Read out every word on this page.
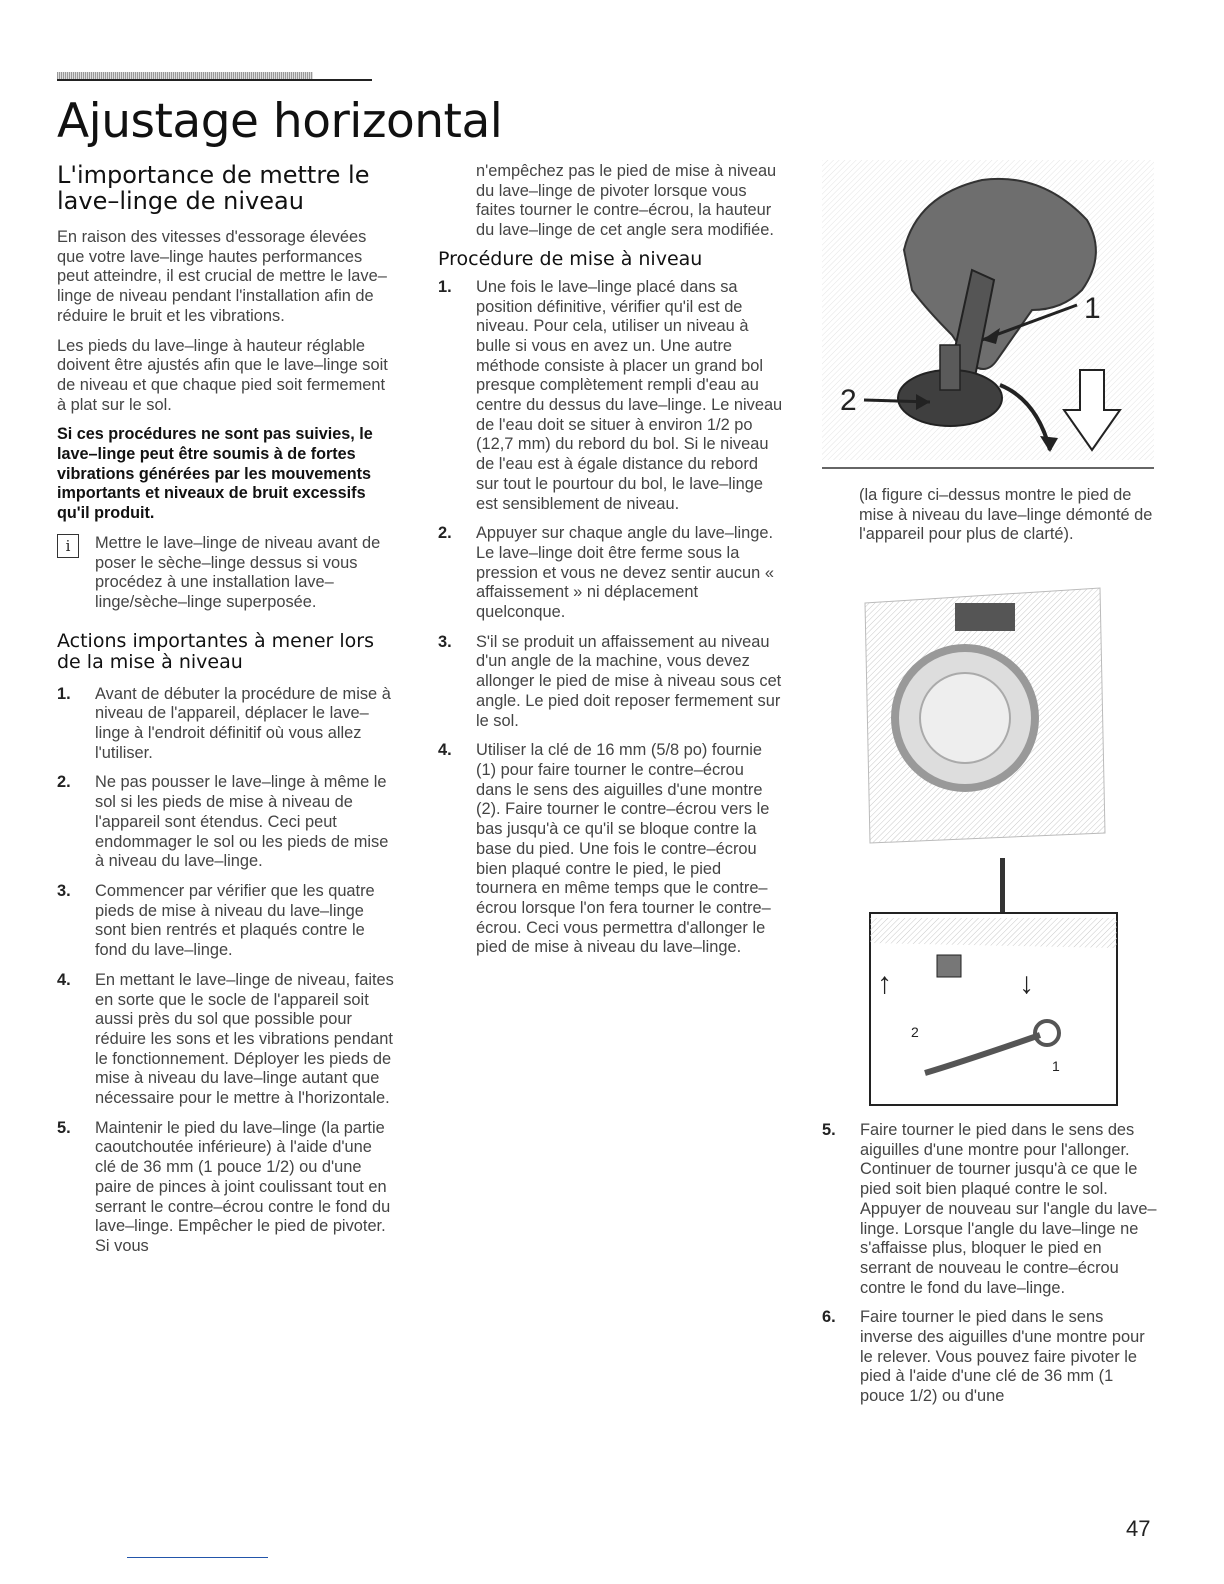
Ajustage horizontal
L'importance de mettre le lave–linge de niveau

En raison des vitesses d'essorage élevées que votre lave–linge hautes performances peut atteindre, il est crucial de mettre le lave–linge de niveau pendant l'installation afin de réduire le bruit et les vibrations.

Les pieds du lave–linge à hauteur réglable doivent être ajustés afin que le lave–linge soit de niveau et que chaque pied soit fermement à plat sur le sol.

Si ces procédures ne sont pas suivies, le lave–linge peut être soumis à de fortes vibrations générées par les mouvements importants et niveaux de bruit excessifs qu'il produit.

i	Mettre le lave–linge de niveau avant de poser le sèche–linge dessus si vous procédez à une installation lave–linge/sèche–linge superposée.
Actions importantes à mener lors de la mise à niveau
1. Avant de débuter la procédure de mise à niveau de l'appareil, déplacer le lave–linge à l'endroit définitif où vous allez l'utiliser.
2. Ne pas pousser le lave–linge à même le sol si les pieds de mise à niveau de l'appareil sont étendus. Ceci peut endommager le sol ou les pieds de mise à niveau du lave–linge.
3. Commencer par vérifier que les quatre pieds de mise à niveau du lave–linge sont bien rentrés et plaqués contre le fond du lave–linge.
4. En mettant le lave–linge de niveau, faites en sorte que le socle de l'appareil soit aussi près du sol que possible pour réduire les sons et les vibrations pendant le fonctionnement. Déployer les pieds de mise à niveau du lave–linge autant que nécessaire pour le mettre à l'horizontale.
5. Maintenir le pied du lave–linge (la partie caoutchoutée inférieure) à l'aide d'une clé de 36 mm (1 pouce 1/2) ou d'une paire de pinces à joint coulissant tout en serrant le contre–écrou contre le fond du lave–linge. Empêcher le pied de pivoter. Si vous

n'empêchez pas le pied de mise à niveau du lave–linge de pivoter lorsque vous faites tourner le contre–écrou, la hauteur du lave–linge de cet angle sera modifiée.

Procédure de mise à niveau
1. Une fois le lave–linge placé dans sa position définitive, vérifier qu'il est de niveau. Pour cela, utiliser un niveau à bulle si vous en avez un. Une autre méthode consiste à placer un grand bol presque complètement rempli d'eau au centre du dessus du lave–linge. Le niveau de l'eau doit se situer à environ 1/2 po (12,7 mm) du rebord du bol. Si le niveau de l'eau est à égale distance du rebord sur tout le pourtour du bol, le lave–linge est sensiblement de niveau.
2. Appuyer sur chaque angle du lave–linge. Le lave–linge doit être ferme sous la pression et vous ne devez sentir aucun « affaissement » ni déplacement quelconque.
3. S'il se produit un affaissement au niveau d'un angle de la machine, vous devez allonger le pied de mise à niveau sous cet angle. Le pied doit reposer fermement sur le sol.
4. Utiliser la clé de 16 mm (5/8 po) fournie (1) pour faire tourner le contre–écrou dans le sens des aiguilles d'une montre (2). Faire tourner le contre–écrou vers le bas jusqu'à ce qu'il se bloque contre la base du pied. Une fois le contre–écrou bien plaqué contre le pied, le pied tournera en même temps que le contre–écrou lorsque l'on fera tourner le contre–écrou. Ceci vous permettra d'allonger le pied de mise à niveau du lave–linge.
1
2

(la figure ci–dessus montre le pied de mise à niveau du lave–linge démonté de l'appareil pour plus de clarté).

↑	↓
2
1
5. Faire tourner le pied dans le sens des aiguilles d'une montre pour l'allonger. Continuer de tourner jusqu'à ce que le pied soit bien plaqué contre le sol. Appuyer de nouveau sur l'angle du lave–linge. Lorsque l'angle du lave–linge ne s'affaisse plus, bloquer le pied en serrant de nouveau le contre–écrou contre le fond du lave–linge.
6. Faire tourner le pied dans le sens inverse des aiguilles d'une montre pour le relever. Vous pouvez faire pivoter le pied à l'aide d'une clé de 36 mm (1 pouce 1/2) ou d'une
47
